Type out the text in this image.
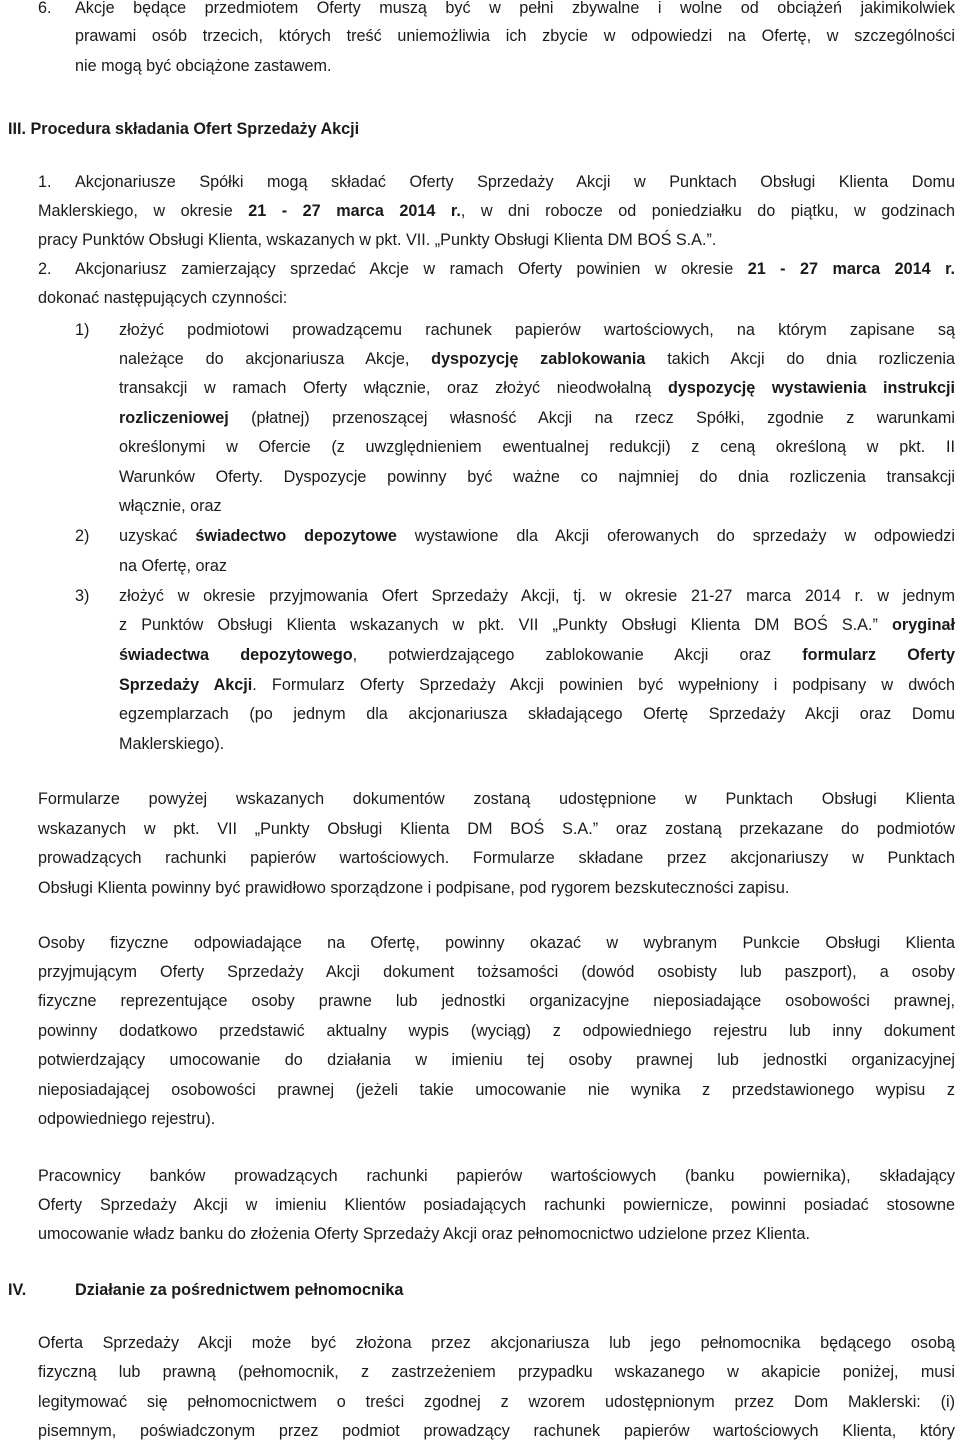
6. Akcje będące przedmiotem Oferty muszą być w pełni zbywalne i wolne od obciążeń jakimikolwiek
prawami osób trzecich, których treść uniemożliwia ich zbycie w odpowiedzi na Ofertę, w szczególności
nie mogą być obciążone zastawem.
III. Procedura składania Ofert Sprzedaży Akcji
1. Akcjonariusze Spółki mogą składać Oferty Sprzedaży Akcji w Punktach Obsługi Klienta Domu
Maklerskiego, w okresie 21 - 27 marca 2014 r., w dni robocze od poniedziałku do piątku, w godzinach
pracy Punktów Obsługi Klienta, wskazanych w pkt. VII. „Punkty Obsługi Klienta DM BOŚ S.A.”.
2. Akcjonariusz zamierzający sprzedać Akcje w ramach Oferty powinien w okresie 21 - 27 marca 2014 r.
dokonać następujących czynności:
1) złożyć podmiotowi prowadzącemu rachunek papierów wartościowych, na którym zapisane są
należące do akcjonariusza Akcje, dyspozycję zablokowania takich Akcji do dnia rozliczenia
transakcji w ramach Oferty włącznie, oraz złożyć nieodwołalną dyspozycję wystawienia instrukcji
rozliczeniowej (płatnej) przenoszącej własność Akcji na rzecz Spółki, zgodnie z warunkami
określonymi w Ofercie (z uwzględnieniem ewentualnej redukcji) z ceną określoną w pkt. II
Warunków Oferty. Dyspozycje powinny być ważne co najmniej do dnia rozliczenia transakcji
włącznie, oraz
2) uzyskać świadectwo depozytowe wystawione dla Akcji oferowanych do sprzedaży w odpowiedzi
na Ofertę, oraz
3) złożyć w okresie przyjmowania Ofert Sprzedaży Akcji, tj. w okresie 21-27 marca 2014 r. w jednym
z Punktów Obsługi Klienta wskazanych w pkt. VII „Punkty Obsługi Klienta DM BOŚ S.A.” oryginał
świadectwa depozytowego, potwierdzającego zablokowanie Akcji oraz formularz Oferty
Sprzedaży Akcji. Formularz Oferty Sprzedaży Akcji powinien być wypełniony i podpisany w dwóch
egzemplarzach (po jednym dla akcjonariusza składającego Ofertę Sprzedaży Akcji oraz Domu
Maklerskiego).
Formularze powyżej wskazanych dokumentów zostaną udostępnione w Punktach Obsługi Klienta
wskazanych w pkt. VII „Punkty Obsługi Klienta DM BOŚ S.A.” oraz zostaną przekazane do podmiotów
prowadzących rachunki papierów wartościowych. Formularze składane przez akcjonariuszy w Punktach
Obsługi Klienta powinny być prawidłowo sporządzone i podpisane, pod rygorem bezskuteczności zapisu.
Osoby fizyczne odpowiadające na Ofertę, powinny okazać w wybranym Punkcie Obsługi Klienta
przyjmującym Oferty Sprzedaży Akcji dokument tożsamości (dowód osobisty lub paszport), a osoby
fizyczne reprezentujące osoby prawne lub jednostki organizacyjne nieposiadające osobowości prawnej,
powinny dodatkowo przedstawić aktualny wypis (wyciąg) z odpowiedniego rejestru lub inny dokument
potwierdzający umocowanie do działania w imieniu tej osoby prawnej lub jednostki organizacyjnej
nieposiadającej osobowości prawnej (jeżeli takie umocowanie nie wynika z przedstawionego wypisu z
odpowiedniego rejestru).
Pracownicy banków prowadzących rachunki papierów wartościowych (banku powiernika), składający
Oferty Sprzedaży Akcji w imieniu Klientów posiadających rachunki powiernicze, powinni posiadać stosowne
umocowanie władz banku do złożenia Oferty Sprzedaży Akcji oraz pełnomocnictwo udzielone przez Klienta.
IV.	Działanie za pośrednictwem pełnomocnika
Oferta Sprzedaży Akcji może być złożona przez akcjonariusza lub jego pełnomocnika będącego osobą
fizyczną lub prawną (pełnomocnik, z zastrzeżeniem przypadku wskazanego w akapicie poniżej, musi
legitymować się pełnomocnictwem o treści zgodnej z wzorem udostępnionym przez Dom Maklerski: (i)
pisemnym, poświadczonym przez podmiot prowadzący rachunek papierów wartościowych Klienta, który
